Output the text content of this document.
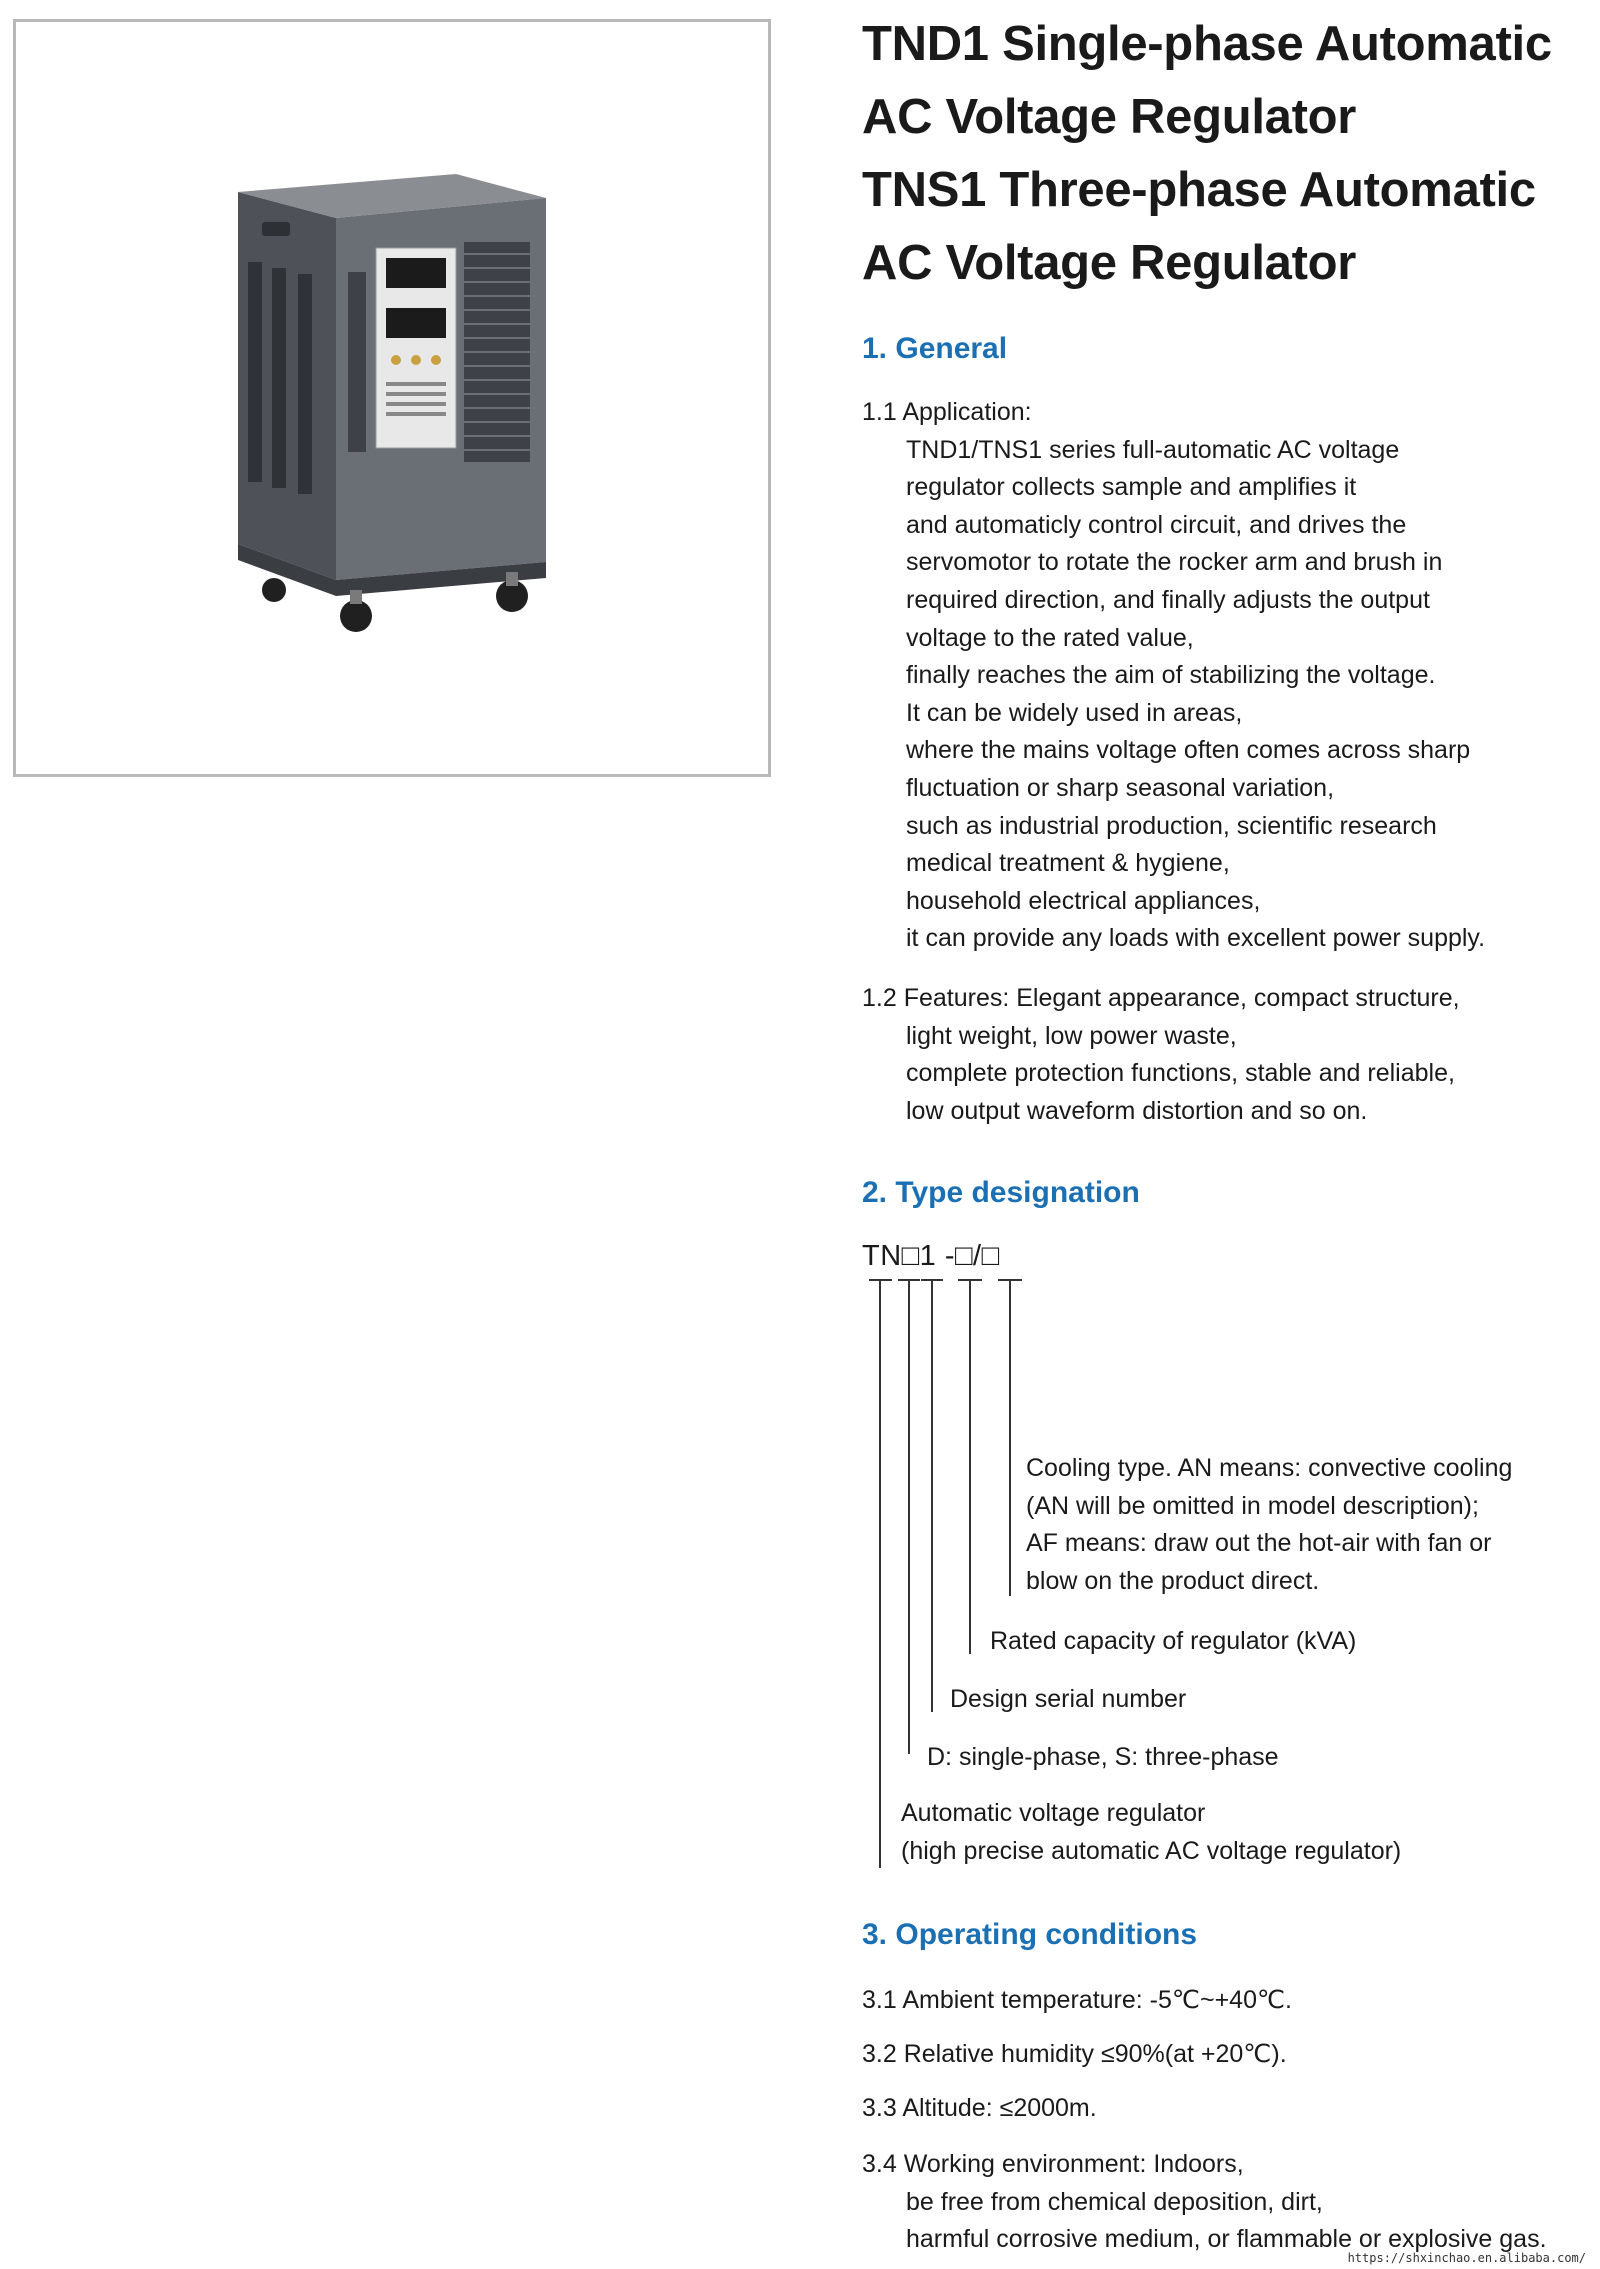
TND1 Single-phase Automatic
AC Voltage Regulator
TNS1 Three-phase Automatic
AC Voltage Regulator
1. General
1.1 Application:
TND1/TNS1 series full-automatic AC voltage
regulator collects sample and amplifies it
and automaticly control circuit, and drives the
servomotor to rotate the rocker arm and brush in
required direction, and finally adjusts the output
voltage to the rated value,
finally reaches the aim of stabilizing the voltage.
It can be widely used in areas,
where the mains voltage often comes across sharp
fluctuation or sharp seasonal variation,
such as industrial production, scientific research
medical treatment & hygiene,
household electrical appliances,
it can provide any loads with excellent power supply.
1.2 Features: Elegant appearance, compact structure,
light weight, low power waste,
complete protection functions, stable and reliable,
low output waveform distortion and so on.
2. Type designation
TN□1 -□/□
Cooling type. AN means: convective cooling
(AN will be omitted in model description);
AF means: draw out the hot-air with fan or
blow on the product direct.
Rated capacity of regulator (kVA)
Design serial number
D: single-phase, S: three-phase
Automatic voltage regulator
(high precise automatic AC voltage regulator)
3. Operating conditions
3.1 Ambient temperature: -5℃~+40℃.
3.2 Relative humidity ≤90%(at +20℃).
3.3 Altitude: ≤2000m.
3.4 Working environment: Indoors,
be free from chemical deposition, dirt,
harmful corrosive medium, or flammable or explosive gas.
https://shxinchao.en.alibaba.com/
